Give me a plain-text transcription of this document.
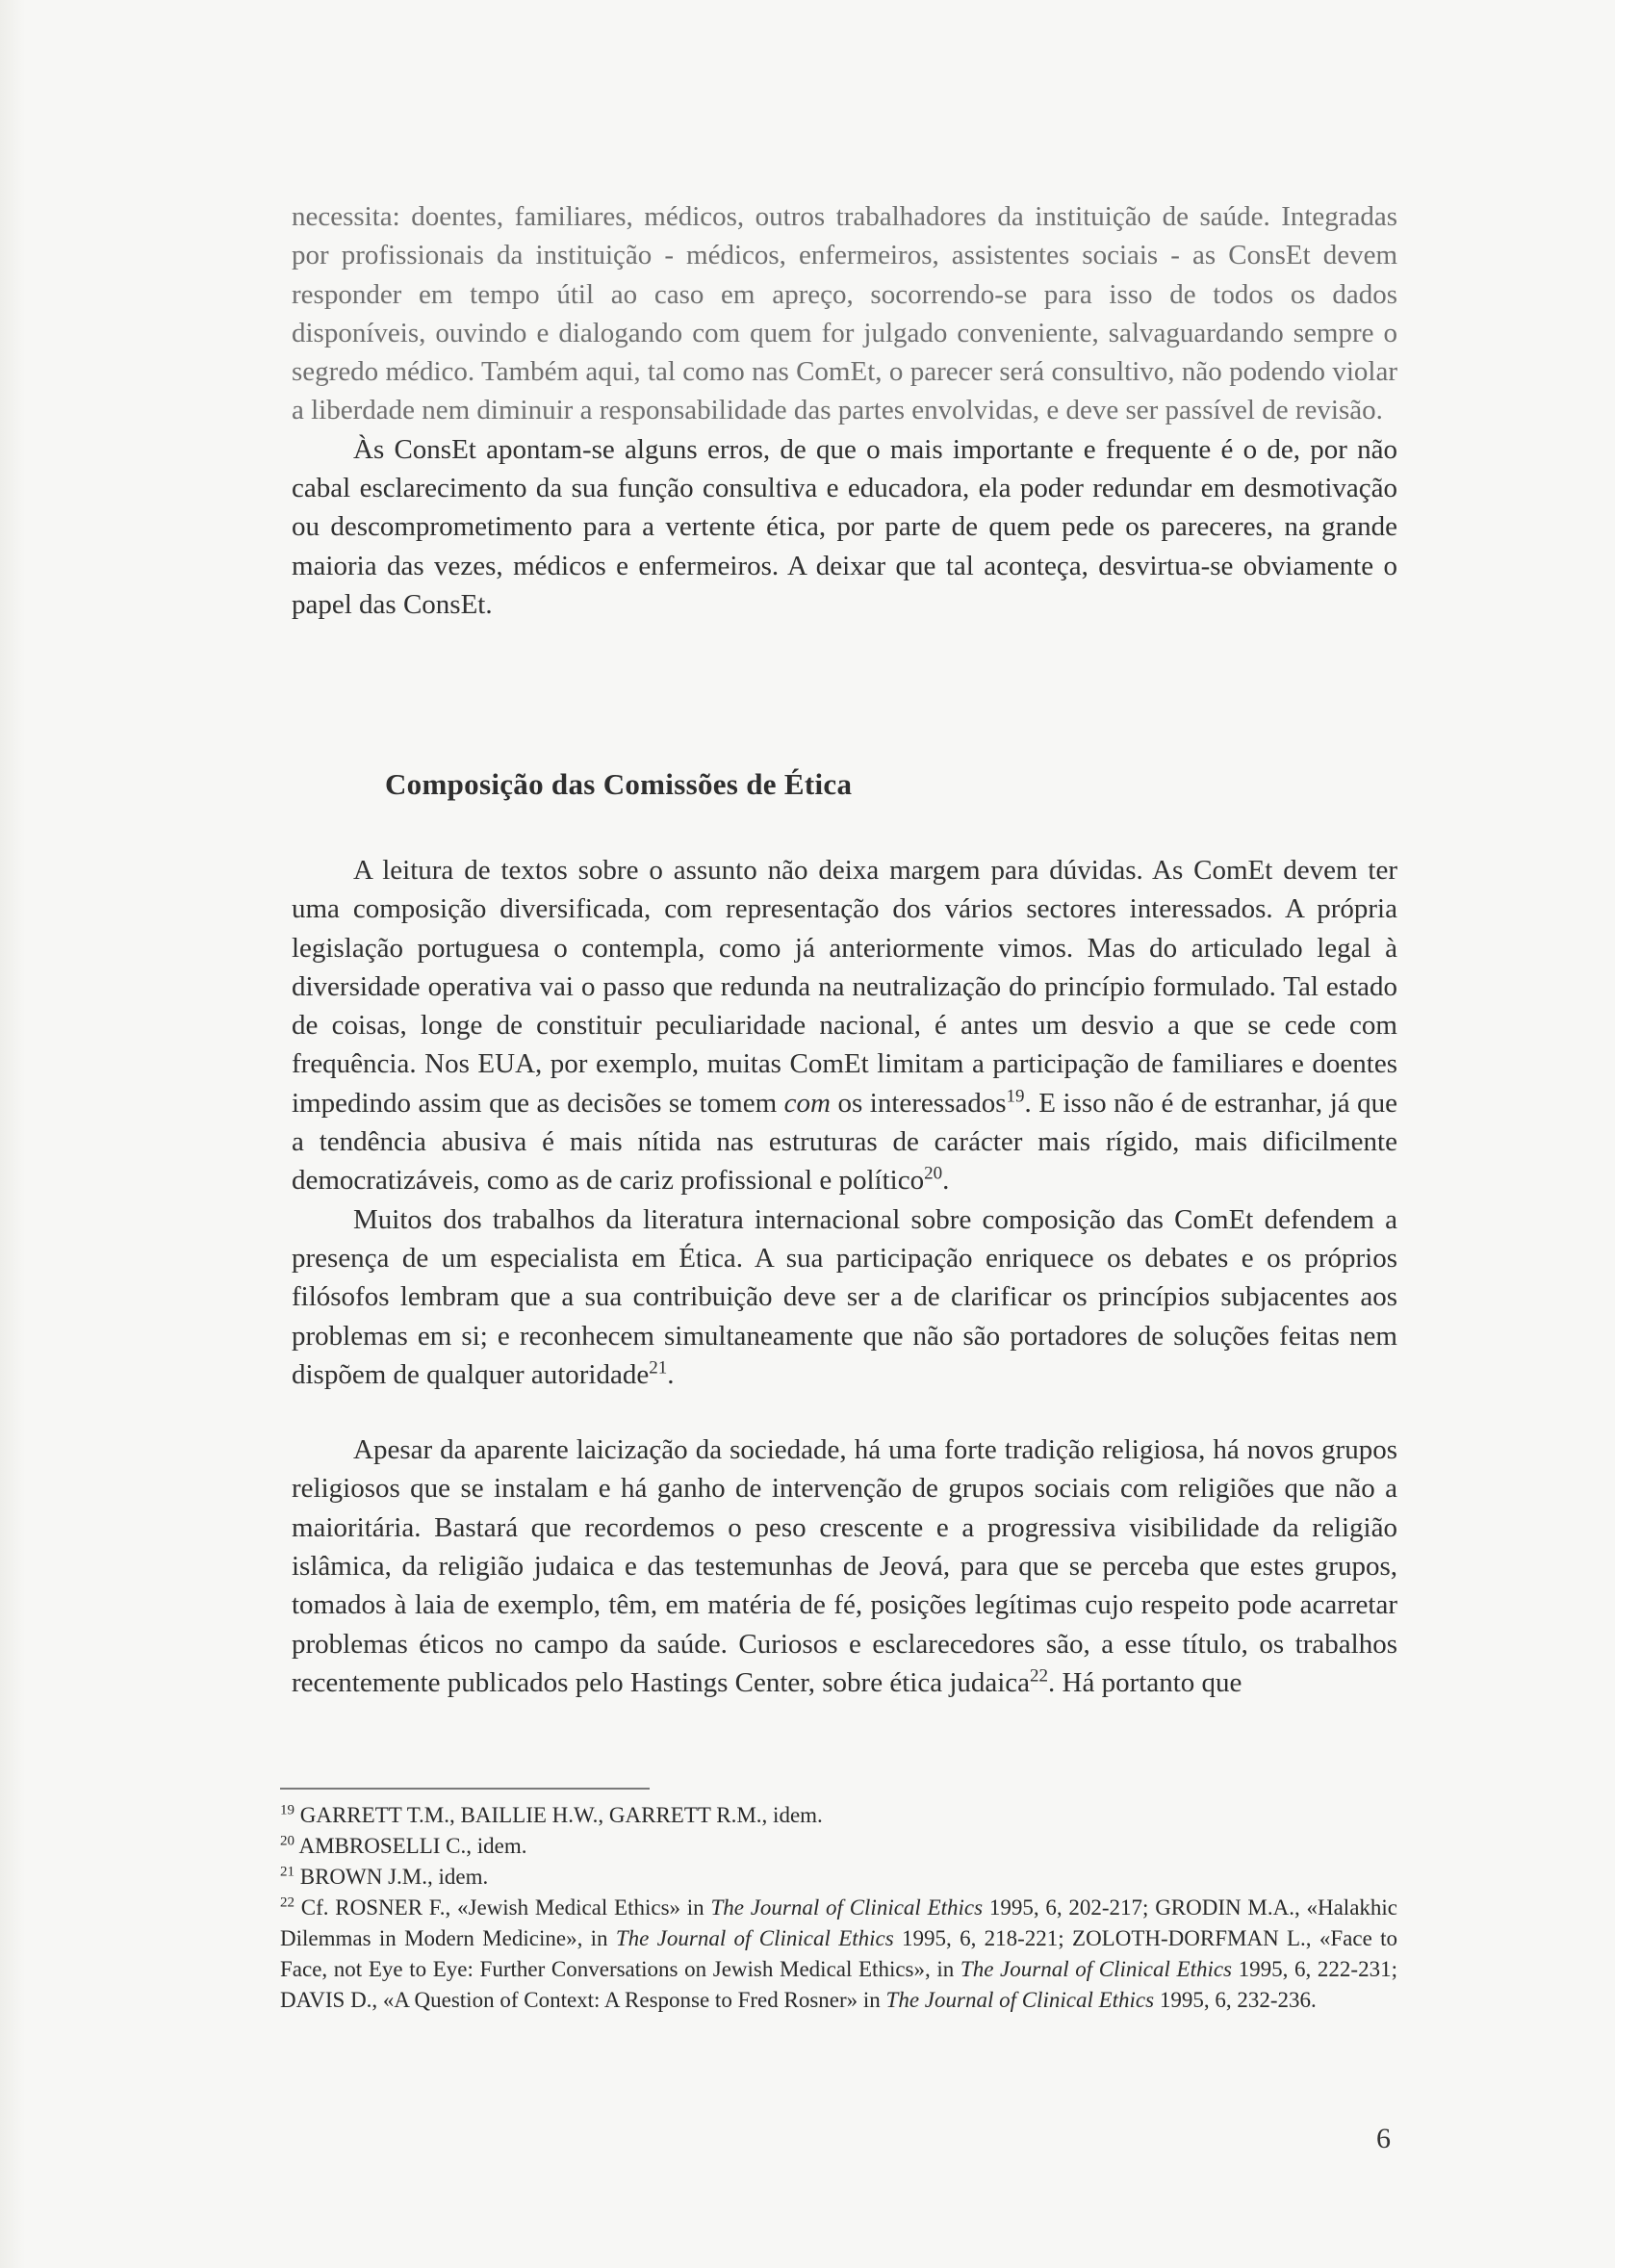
necessita: doentes, familiares, médicos, outros trabalhadores da instituição de saúde. Integradas por profissionais da instituição - médicos, enfermeiros, assistentes sociais - as ConsEt devem responder em tempo útil ao caso em apreço, socorrendo-se para isso de todos os dados disponíveis, ouvindo e dialogando com quem for julgado conveniente, salvaguardando sempre o segredo médico. Também aqui, tal como nas ComEt, o parecer será consultivo, não podendo violar a liberdade nem diminuir a responsabilidade das partes envolvidas, e deve ser passível de revisão.

Às ConsEt apontam-se alguns erros, de que o mais importante e frequente é o de, por não cabal esclarecimento da sua função consultiva e educadora, ela poder redundar em desmotivação ou descomprometimento para a vertente ética, por parte de quem pede os pareceres, na grande maioria das vezes, médicos e enfermeiros. A deixar que tal aconteça, desvirtua-se obviamente o papel das ConsEt.

Composição das Comissões de Ética

A leitura de textos sobre o assunto não deixa margem para dúvidas. As ComEt devem ter uma composição diversificada, com representação dos vários sectores interessados. A própria legislação portuguesa o contempla, como já anteriormente vimos. Mas do articulado legal à diversidade operativa vai o passo que redunda na neutralização do princípio formulado. Tal estado de coisas, longe de constituir peculiaridade nacional, é antes um desvio a que se cede com frequência. Nos EUA, por exemplo, muitas ComEt limitam a participação de familiares e doentes impedindo assim que as decisões se tomem com os interessados$^{19}$. E isso não é de estranhar, já que a tendência abusiva é mais nítida nas estruturas de carácter mais rígido, mais dificilmente democratizáveis, como as de cariz profissional e político$^{20}$.

Muitos dos trabalhos da literatura internacional sobre composição das ComEt defendem a presença de um especialista em Ética. A sua participação enriquece os debates e os próprios filósofos lembram que a sua contribuição deve ser a de clarificar os princípios subjacentes aos problemas em si; e reconhecem simultaneamente que não são portadores de soluções feitas nem dispõem de qualquer autoridade$^{21}$.

Apesar da aparente laicização da sociedade, há uma forte tradição religiosa, há novos grupos religiosos que se instalam e há ganho de intervenção de grupos sociais com religiões que não a maioritária. Bastará que recordemos o peso crescente e a progressiva visibilidade da religião islâmica, da religião judaica e das testemunhas de Jeová, para que se perceba que estes grupos, tomados à laia de exemplo, têm, em matéria de fé, posições legítimas cujo respeito pode acarretar problemas éticos no campo da saúde. Curiosos e esclarecedores são, a esse título, os trabalhos recentemente publicados pelo Hastings Center, sobre ética judaica$^{22}$. Há portanto que

$^{19}$ GARRETT T.M., BAILLIE H.W., GARRETT R.M., idem.

$^{20}$ AMBROSELLI C., idem.

$^{21}$ BROWN J.M., idem.

$^{22}$ Cf. ROSNER F., «Jewish Medical Ethics» in The Journal of Clinical Ethics 1995, 6, 202-217; GRODIN M.A., «Halakhic Dilemmas in Modern Medicine», in The Journal of Clinical Ethics 1995, 6, 218-221; ZOLOTH-DORFMAN L., «Face to Face, not Eye to Eye: Further Conversations on Jewish Medical Ethics», in The Journal of Clinical Ethics 1995, 6, 222-231; DAVIS D., «A Question of Context: A Response to Fred Rosner» in The Journal of Clinical Ethics 1995, 6, 232-236.

6
